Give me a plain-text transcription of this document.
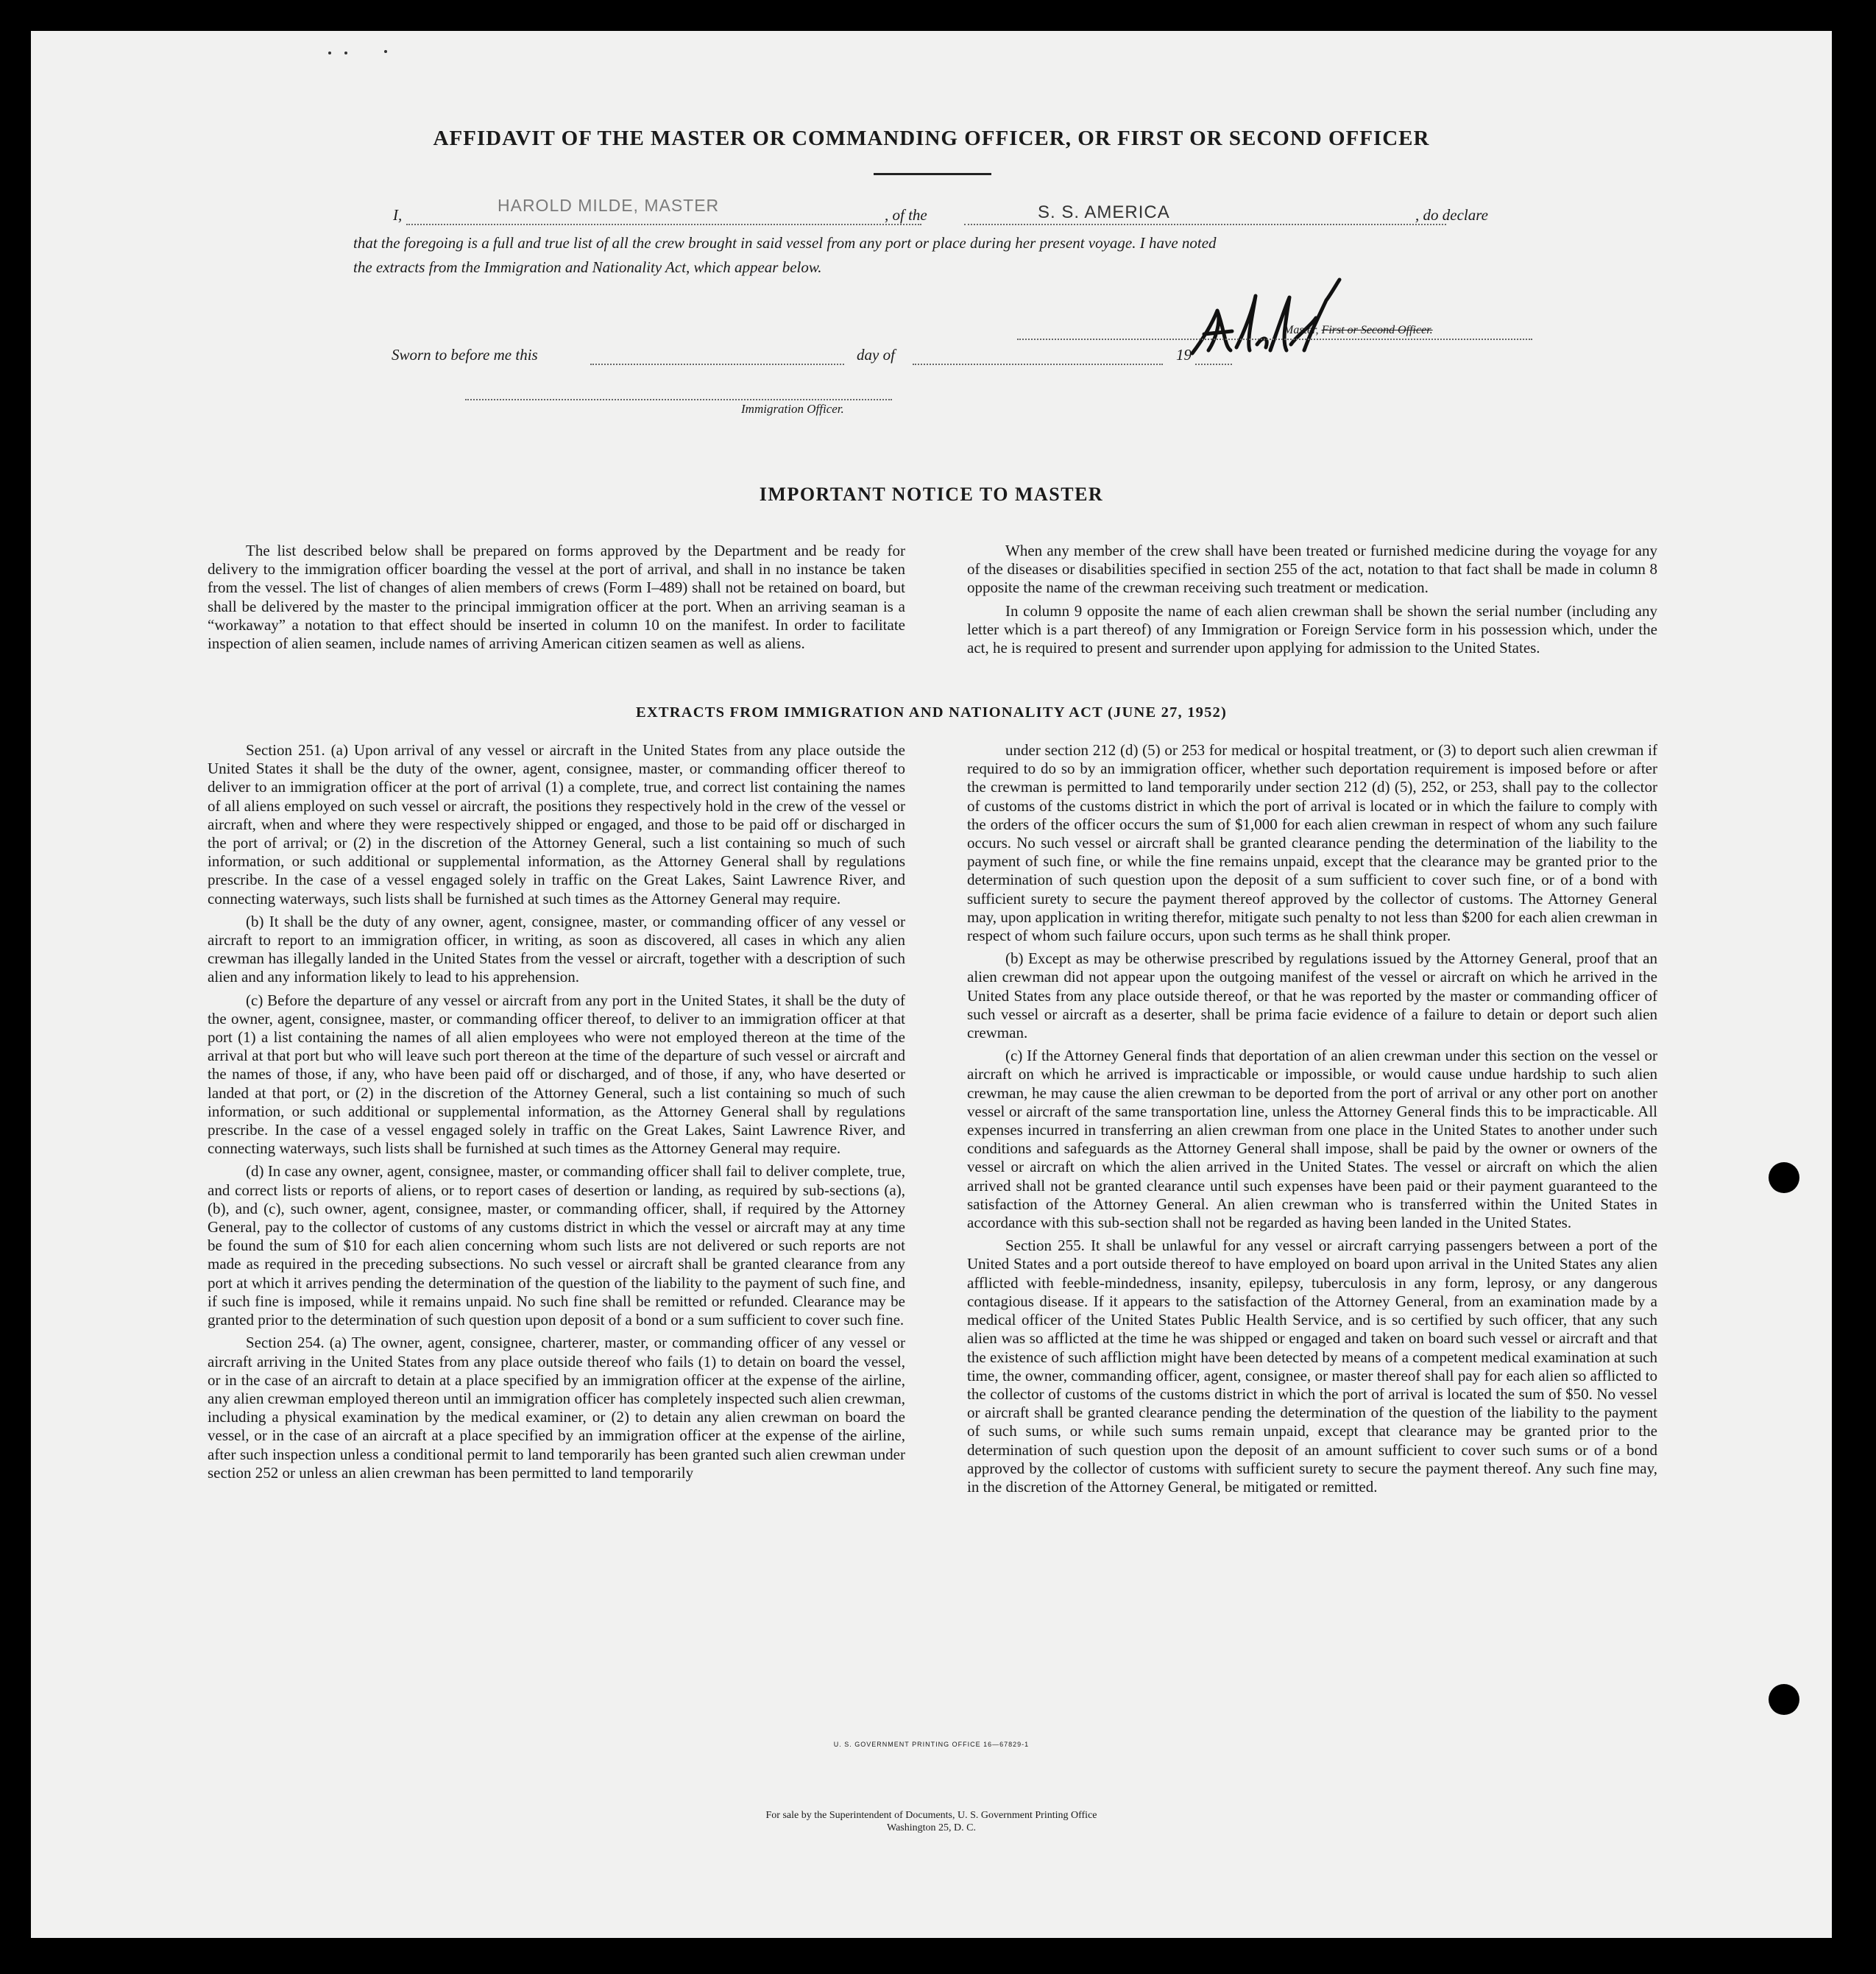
AFFIDAVIT OF THE MASTER OR COMMANDING OFFICER, OR FIRST OR SECOND OFFICER
I,	HAROLD MILDE, MASTER	, of the	S. S. AMERICA	, do declare
that the foregoing is a full and true list of all the crew brought in said vessel from any port or place during her present voyage. I have noted
the extracts from the Immigration and Nationality Act, which appear below.
Master, First or Second Officer.
Sworn to before me this	day of	19
Immigration Officer.
IMPORTANT NOTICE TO MASTER

The list described below shall be prepared on forms approved by the Department and be ready for delivery to the immigration officer boarding the vessel at the port of arrival, and shall in no instance be taken from the vessel. The list of changes of alien members of crews (Form I–489) shall not be retained on board, but shall be delivered by the master to the principal immigration officer at the port. When an arriving seaman is a “workaway” a notation to that effect should be inserted in column 10 on the manifest. In order to facilitate inspection of alien seamen, include names of arriving American citizen seamen as well as aliens.

When any member of the crew shall have been treated or furnished medicine during the voyage for any of the diseases or disabilities specified in section 255 of the act, notation to that fact shall be made in column 8 opposite the name of the crewman receiving such treatment or medication.

In column 9 opposite the name of each alien crewman shall be shown the serial number (including any letter which is a part thereof) of any Immigration or Foreign Service form in his possession which, under the act, he is required to present and surrender upon applying for admission to the United States.

EXTRACTS FROM IMMIGRATION AND NATIONALITY ACT (JUNE 27, 1952)

Section 251. (a) Upon arrival of any vessel or aircraft in the United States from any place outside the United States it shall be the duty of the owner, agent, consignee, master, or commanding officer thereof to deliver to an immigration officer at the port of arrival (1) a complete, true, and correct list containing the names of all aliens employed on such vessel or aircraft, the positions they respectively hold in the crew of the vessel or aircraft, when and where they were respectively shipped or engaged, and those to be paid off or discharged in the port of arrival; or (2) in the discretion of the Attorney General, such a list containing so much of such information, or such additional or supplemental information, as the Attorney General shall by regulations prescribe. In the case of a vessel engaged solely in traffic on the Great Lakes, Saint Lawrence River, and connecting waterways, such lists shall be furnished at such times as the Attorney General may require.

(b) It shall be the duty of any owner, agent, consignee, master, or commanding officer of any vessel or aircraft to report to an immigration officer, in writing, as soon as discovered, all cases in which any alien crewman has illegally landed in the United States from the vessel or aircraft, together with a description of such alien and any information likely to lead to his apprehension.

(c) Before the departure of any vessel or aircraft from any port in the United States, it shall be the duty of the owner, agent, consignee, master, or commanding officer thereof, to deliver to an immigration officer at that port (1) a list containing the names of all alien employees who were not employed thereon at the time of the arrival at that port but who will leave such port thereon at the time of the departure of such vessel or aircraft and the names of those, if any, who have been paid off or discharged, and of those, if any, who have deserted or landed at that port, or (2) in the discretion of the Attorney General, such a list containing so much of such information, or such additional or supplemental information, as the Attorney General shall by regulations prescribe. In the case of a vessel engaged solely in traffic on the Great Lakes, Saint Lawrence River, and connecting waterways, such lists shall be furnished at such times as the Attorney General may require.

(d) In case any owner, agent, consignee, master, or commanding officer shall fail to deliver complete, true, and correct lists or reports of aliens, or to report cases of desertion or landing, as required by sub-sections (a), (b), and (c), such owner, agent, consignee, master, or commanding officer, shall, if required by the Attorney General, pay to the collector of customs of any customs district in which the vessel or aircraft may at any time be found the sum of $10 for each alien concerning whom such lists are not delivered or such reports are not made as required in the preceding subsections. No such vessel or aircraft shall be granted clearance from any port at which it arrives pending the determination of the question of the liability to the payment of such fine, and if such fine is imposed, while it remains unpaid. No such fine shall be remitted or refunded. Clearance may be granted prior to the determination of such question upon deposit of a bond or a sum sufficient to cover such fine.

Section 254. (a) The owner, agent, consignee, charterer, master, or commanding officer of any vessel or aircraft arriving in the United States from any place outside thereof who fails (1) to detain on board the vessel, or in the case of an aircraft to detain at a place specified by an immigration officer at the expense of the airline, any alien crewman employed thereon until an immigration officer has completely inspected such alien crewman, including a physical examination by the medical examiner, or (2) to detain any alien crewman on board the vessel, or in the case of an aircraft at a place specified by an immigration officer at the expense of the airline, after such inspection unless a conditional permit to land temporarily has been granted such alien crewman under section 252 or unless an alien crewman has been permitted to land temporarily

under section 212 (d) (5) or 253 for medical or hospital treatment, or (3) to deport such alien crewman if required to do so by an immigration officer, whether such deportation requirement is imposed before or after the crewman is permitted to land temporarily under section 212 (d) (5), 252, or 253, shall pay to the collector of customs of the customs district in which the port of arrival is located or in which the failure to comply with the orders of the officer occurs the sum of $1,000 for each alien crewman in respect of whom any such failure occurs. No such vessel or aircraft shall be granted clearance pending the determination of the liability to the payment of such fine, or while the fine remains unpaid, except that the clearance may be granted prior to the determination of such question upon the deposit of a sum sufficient to cover such fine, or of a bond with sufficient surety to secure the payment thereof approved by the collector of customs. The Attorney General may, upon application in writing therefor, mitigate such penalty to not less than $200 for each alien crewman in respect of whom such failure occurs, upon such terms as he shall think proper.

(b) Except as may be otherwise prescribed by regulations issued by the Attorney General, proof that an alien crewman did not appear upon the outgoing manifest of the vessel or aircraft on which he arrived in the United States from any place outside thereof, or that he was reported by the master or commanding officer of such vessel or aircraft as a deserter, shall be prima facie evidence of a failure to detain or deport such alien crewman.

(c) If the Attorney General finds that deportation of an alien crewman under this section on the vessel or aircraft on which he arrived is impracticable or impossible, or would cause undue hardship to such alien crewman, he may cause the alien crewman to be deported from the port of arrival or any other port on another vessel or aircraft of the same transportation line, unless the Attorney General finds this to be impracticable. All expenses incurred in transferring an alien crewman from one place in the United States to another under such conditions and safeguards as the Attorney General shall impose, shall be paid by the owner or owners of the vessel or aircraft on which the alien arrived in the United States. The vessel or aircraft on which the alien arrived shall not be granted clearance until such expenses have been paid or their payment guaranteed to the satisfaction of the Attorney General. An alien crewman who is transferred within the United States in accordance with this sub-section shall not be regarded as having been landed in the United States.

Section 255. It shall be unlawful for any vessel or aircraft carrying passengers between a port of the United States and a port outside thereof to have employed on board upon arrival in the United States any alien afflicted with feeble-mindedness, insanity, epilepsy, tuberculosis in any form, leprosy, or any dangerous contagious disease. If it appears to the satisfaction of the Attorney General, from an examination made by a medical officer of the United States Public Health Service, and is so certified by such officer, that any such alien was so afflicted at the time he was shipped or engaged and taken on board such vessel or aircraft and that the existence of such affliction might have been detected by means of a competent medical examination at such time, the owner, commanding officer, agent, consignee, or master thereof shall pay for each alien so afflicted to the collector of customs of the customs district in which the port of arrival is located the sum of $50. No vessel or aircraft shall be granted clearance pending the determination of the question of the liability to the payment of such sums, or while such sums remain unpaid, except that clearance may be granted prior to the determination of such question upon the deposit of an amount sufficient to cover such sums or of a bond approved by the collector of customs with sufficient surety to secure the payment thereof. Any such fine may, in the discretion of the Attorney General, be mitigated or remitted.

U. S. GOVERNMENT PRINTING OFFICE 16—67829-1
For sale by the Superintendent of Documents, U. S. Government Printing Office
Washington 25, D. C.
